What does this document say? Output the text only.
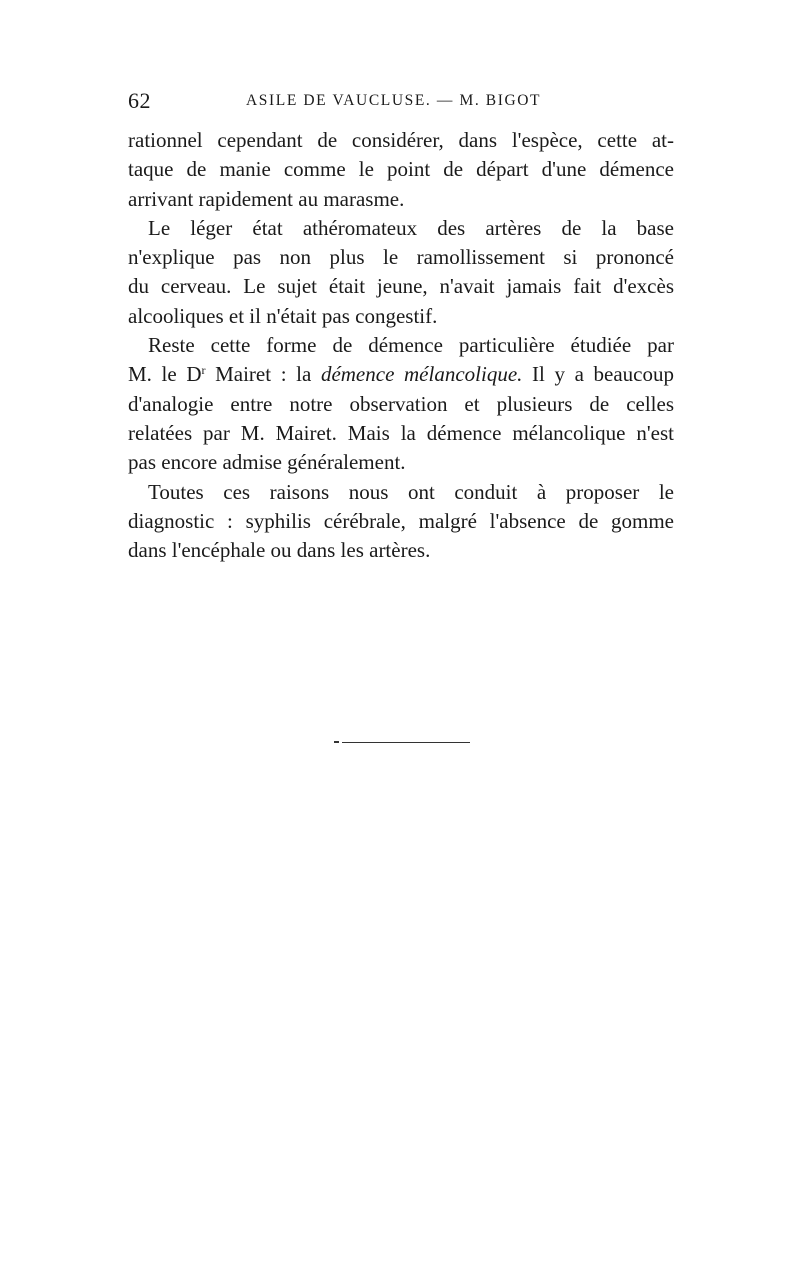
62	ASILE DE VAUCLUSE. — M. BIGOT
rationnel cependant de considérer, dans l'espèce, cette at-
taque de manie comme le point de départ d'une démence
arrivant rapidement au marasme.
Le léger état athéromateux des artères de la base
n'explique pas non plus le ramollissement si prononcé
du cerveau. Le sujet était jeune, n'avait jamais fait d'excès
alcooliques et il n'était pas congestif.
Reste cette forme de démence particulière étudiée par
M. le $D^r$ Mairet : la démence mélancolique. Il y a beaucoup
d'analogie entre notre observation et plusieurs de celles
relatées par M. Mairet. Mais la démence mélancolique n'est
pas encore admise généralement.
Toutes ces raisons nous ont conduit à proposer le
diagnostic : syphilis cérébrale, malgré l'absence de gomme
dans l'encéphale ou dans les artères.
